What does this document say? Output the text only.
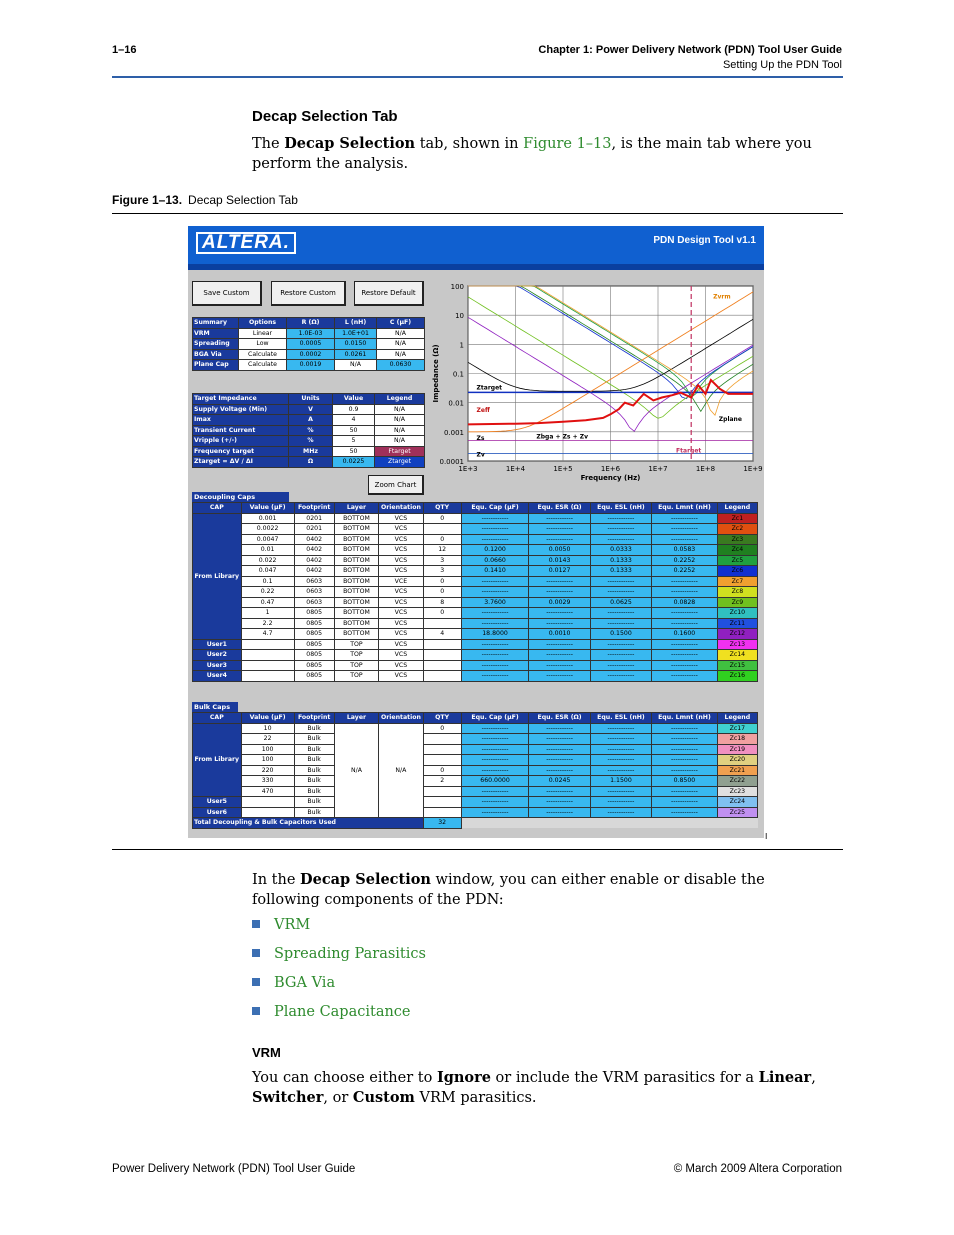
1–16	Chapter 1: Power Delivery Network (PDN) Tool User Guide
Setting Up the PDN Tool
Decap Selection Tab
The Decap Selection tab, shown in Figure 1–13, is the main tab where you perform the analysis.
Figure 1–13. Decap Selection Tab
ALTERA.	PDN Design Tool v1.1
Save Custom	Restore Custom	Restore Default
Summary	Options	R (Ω)	L (nH)	C (µF)
VRM	Linear	1.0E-03	1.0E+01	N/A
Spreading	Low	0.0005	0.0150	N/A
BGA Via	Calculate	0.0002	0.0261	N/A
Plane Cap	Calculate	0.0019	N/A	0.0630
Target Impedance	Units	Value	Legend
Supply Voltage (Min)	V	0.9	N/A
Imax	A	4	N/A
Transient Current	%	50	N/A
Vripple (+/-)	%	5	N/A
Frequency target	MHz	50	Ftarget
Ztarget = ΔV / ΔI	Ω	0.0225	Ztarget
Zoom Chart
1E+3
100
1E+4
10
1E+5
1
1E+6
0.1
1E+7
0.01
1E+8
0.001
1E+9
0.0001
Frequency (Hz)
Impedance (Ω)
Zvrm
Ztarget
Zeff
Zs
Zv
Zbga + Zs + Zv
Zplane
Ftarget
Decoupling Caps
CAP	Value (µF)	Footprint	Layer	Orientation	QTY	Equ. Cap (µF)	Equ. ESR (Ω)	Equ. ESL (nH)	Equ. Lmnt (nH)	Legend
From Library	0.001	0201	BOTTOM	VCS	0	------------	------------	------------	------------	Zc1
	0.0022	0201	BOTTOM	VCS		------------	------------	------------	------------	Zc2
	0.0047	0402	BOTTOM	VCS	0	------------	------------	------------	------------	Zc3
	0.01	0402	BOTTOM	VCS	12	0.1200	0.0050	0.0333	0.0583	Zc4
	0.022	0402	BOTTOM	VCS	3	0.0660	0.0143	0.1333	0.2252	Zc5
	0.047	0402	BOTTOM	VCS	3	0.1410	0.0127	0.1333	0.2252	Zc6
	0.1	0603	BOTTOM	VCE	0	------------	------------	------------	------------	Zc7
	0.22	0603	BOTTOM	VCS	0	------------	------------	------------	------------	Zc8
	0.47	0603	BOTTOM	VCS	8	3.7600	0.0029	0.0625	0.0828	Zc9
	1	0805	BOTTOM	VCS	0	------------	------------	------------	------------	Zc10
	2.2	0805	BOTTOM	VCS		------------	------------	------------	------------	Zc11
	4.7	0805	BOTTOM	VCS	4	18.8000	0.0010	0.1500	0.1600	Zc12
User1		0805	TOP	VCS		------------	------------	------------	------------	Zc13
User2		0805	TOP	VCS		------------	------------	------------	------------	Zc14
User3		0805	TOP	VCS		------------	------------	------------	------------	Zc15
User4		0805	TOP	VCS		------------	------------	------------	------------	Zc16
Bulk Caps
CAP	Value (µF)	Footprint	Layer	Orientation	QTY	Equ. Cap (µF)	Equ. ESR (Ω)	Equ. ESL (nH)	Equ. Lmnt (nH)	Legend
From Library	10	Bulk	N/A	N/A	0	------------	------------	------------	------------	Zc17
	22	Bulk				------------	------------	------------	------------	Zc18
	100	Bulk				------------	------------	------------	------------	Zc19
	100	Bulk				------------	------------	------------	------------	Zc20
	220	Bulk			0	------------	------------	------------	------------	Zc21
	330	Bulk			2	660.0000	0.0245	1.1500	0.8500	Zc22
	470	Bulk				------------	------------	------------	------------	Zc23
User5		Bulk				------------	------------	------------	------------	Zc24
User6		Bulk				------------	------------	------------	------------	Zc25
Total Decoupling & Bulk Capacitors Used					32					
I
In the Decap Selection window, you can either enable or disable the following components of the PDN:
VRM
Spreading Parasitics
BGA Via
Plane Capacitance
VRM
You can choose either to Ignore or include the VRM parasitics for a Linear, Switcher, or Custom VRM parasitics.
Power Delivery Network (PDN) Tool User Guide	© March 2009 Altera Corporation
